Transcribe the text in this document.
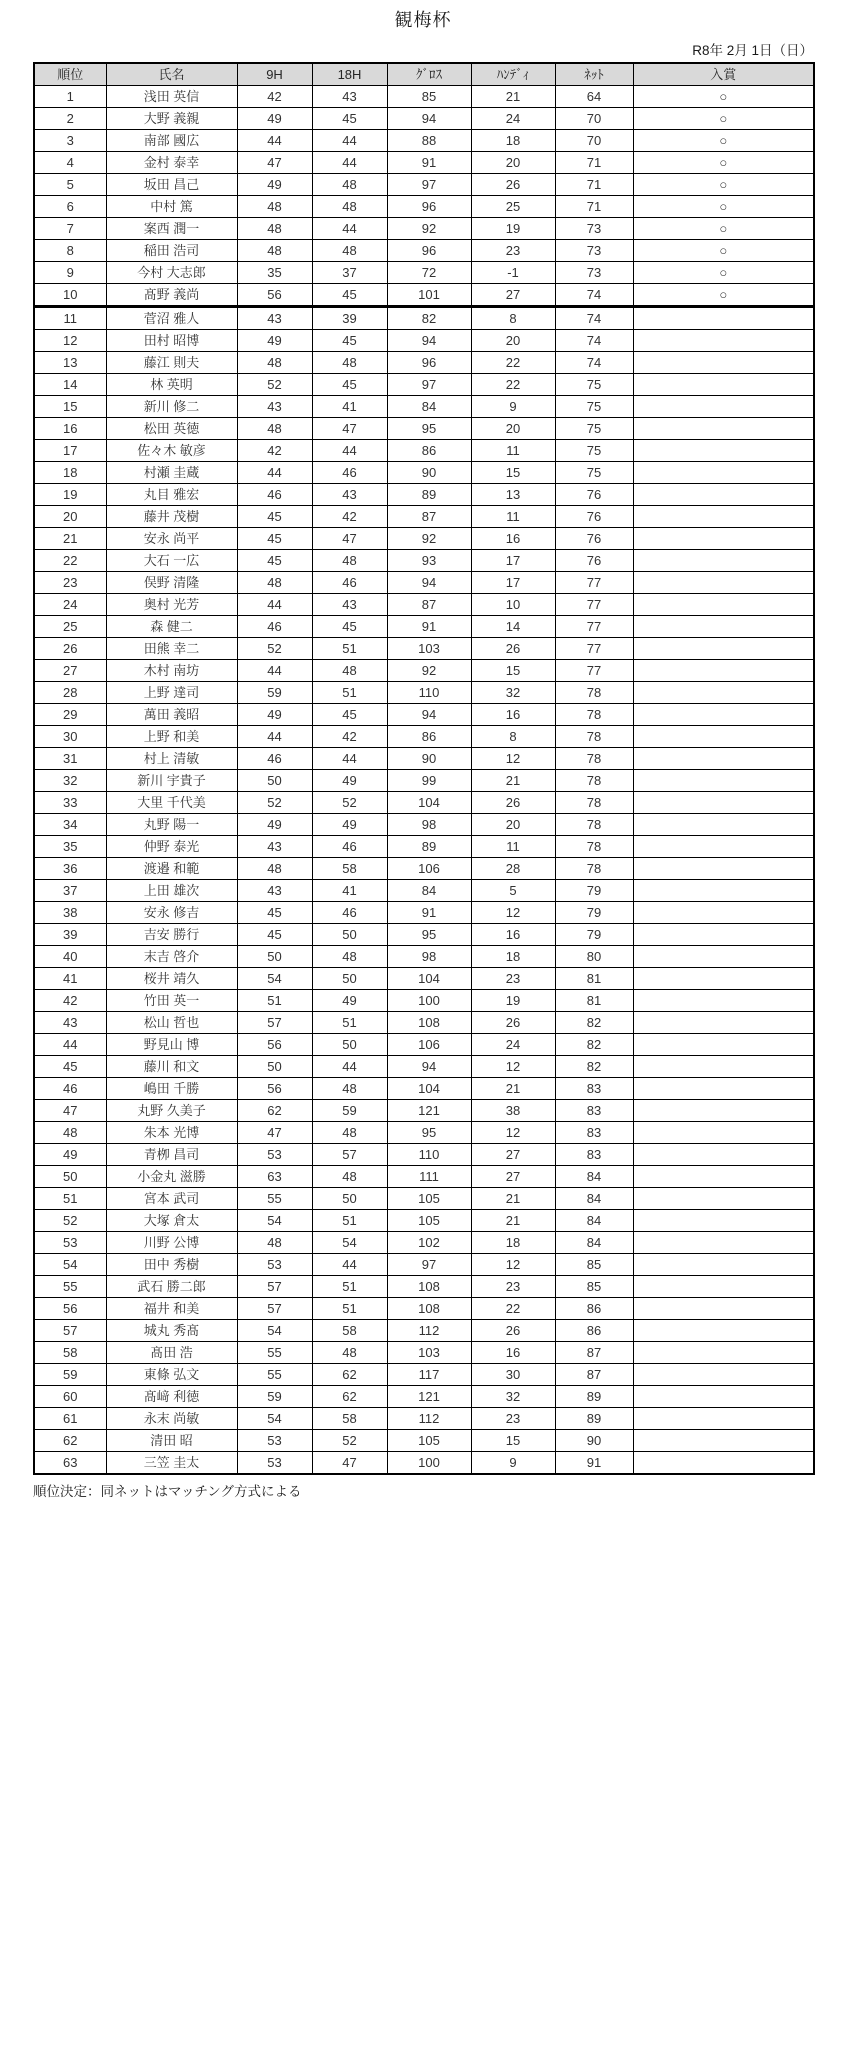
観梅杯
R8年 2月 1日（日）
順位	氏名	9H	18H	ｸﾞﾛｽ	ﾊﾝﾃﾞｨ	ﾈｯﾄ	入賞
1	浅田 英信	42	43	85	21	64	○
2	大野 義親	49	45	94	24	70	○
3	南部 國広	44	44	88	18	70	○
4	金村 泰幸	47	44	91	20	71	○
5	坂田 昌己	49	48	97	26	71	○
6	中村 篤	48	48	96	25	71	○
7	案西 潤一	48	44	92	19	73	○
8	稲田 浩司	48	48	96	23	73	○
9	今村 大志郎	35	37	72	-1	73	○
10	髙野 義尚	56	45	101	27	74	○
11	菅沼 雅人	43	39	82	8	74	
12	田村 昭博	49	45	94	20	74	
13	藤江 則夫	48	48	96	22	74	
14	林 英明	52	45	97	22	75	
15	新川 修二	43	41	84	9	75	
16	松田 英徳	48	47	95	20	75	
17	佐々木 敏彦	42	44	86	11	75	
18	村瀬 圭蔵	44	46	90	15	75	
19	丸目 雅宏	46	43	89	13	76	
20	藤井 茂樹	45	42	87	11	76	
21	安永 尚平	45	47	92	16	76	
22	大石 一広	45	48	93	17	76	
23	俣野 清隆	48	46	94	17	77	
24	奥村 光芳	44	43	87	10	77	
25	森 健二	46	45	91	14	77	
26	田熊 幸二	52	51	103	26	77	
27	木村 南坊	44	48	92	15	77	
28	上野 達司	59	51	110	32	78	
29	萬田 義昭	49	45	94	16	78	
30	上野 和美	44	42	86	8	78	
31	村上 清敏	46	44	90	12	78	
32	新川 宇貴子	50	49	99	21	78	
33	大里 千代美	52	52	104	26	78	
34	丸野 陽一	49	49	98	20	78	
35	仲野 泰光	43	46	89	11	78	
36	渡邉 和範	48	58	106	28	78	
37	上田 雄次	43	41	84	5	79	
38	安永 修吉	45	46	91	12	79	
39	吉安 勝行	45	50	95	16	79	
40	末吉 啓介	50	48	98	18	80	
41	桜井 靖久	54	50	104	23	81	
42	竹田 英一	51	49	100	19	81	
43	松山 哲也	57	51	108	26	82	
44	野見山 博	56	50	106	24	82	
45	藤川 和文	50	44	94	12	82	
46	嶋田 千勝	56	48	104	21	83	
47	丸野 久美子	62	59	121	38	83	
48	朱本 光博	47	48	95	12	83	
49	青栁 昌司	53	57	110	27	83	
50	小金丸 滋勝	63	48	111	27	84	
51	宮本 武司	55	50	105	21	84	
52	大塚 倉太	54	51	105	21	84	
53	川野 公博	48	54	102	18	84	
54	田中 秀樹	53	44	97	12	85	
55	武石 勝二郎	57	51	108	23	85	
56	福井 和美	57	51	108	22	86	
57	城丸 秀髙	54	58	112	26	86	
58	髙田 浩	55	48	103	16	87	
59	東條 弘文	55	62	117	30	87	
60	髙﨑 利徳	59	62	121	32	89	
61	永末 尚敏	54	58	112	23	89	
62	清田 昭	53	52	105	15	90	
63	三笠 圭太	53	47	100	9	91	
順位決定：同ネットはマッチング方式による
